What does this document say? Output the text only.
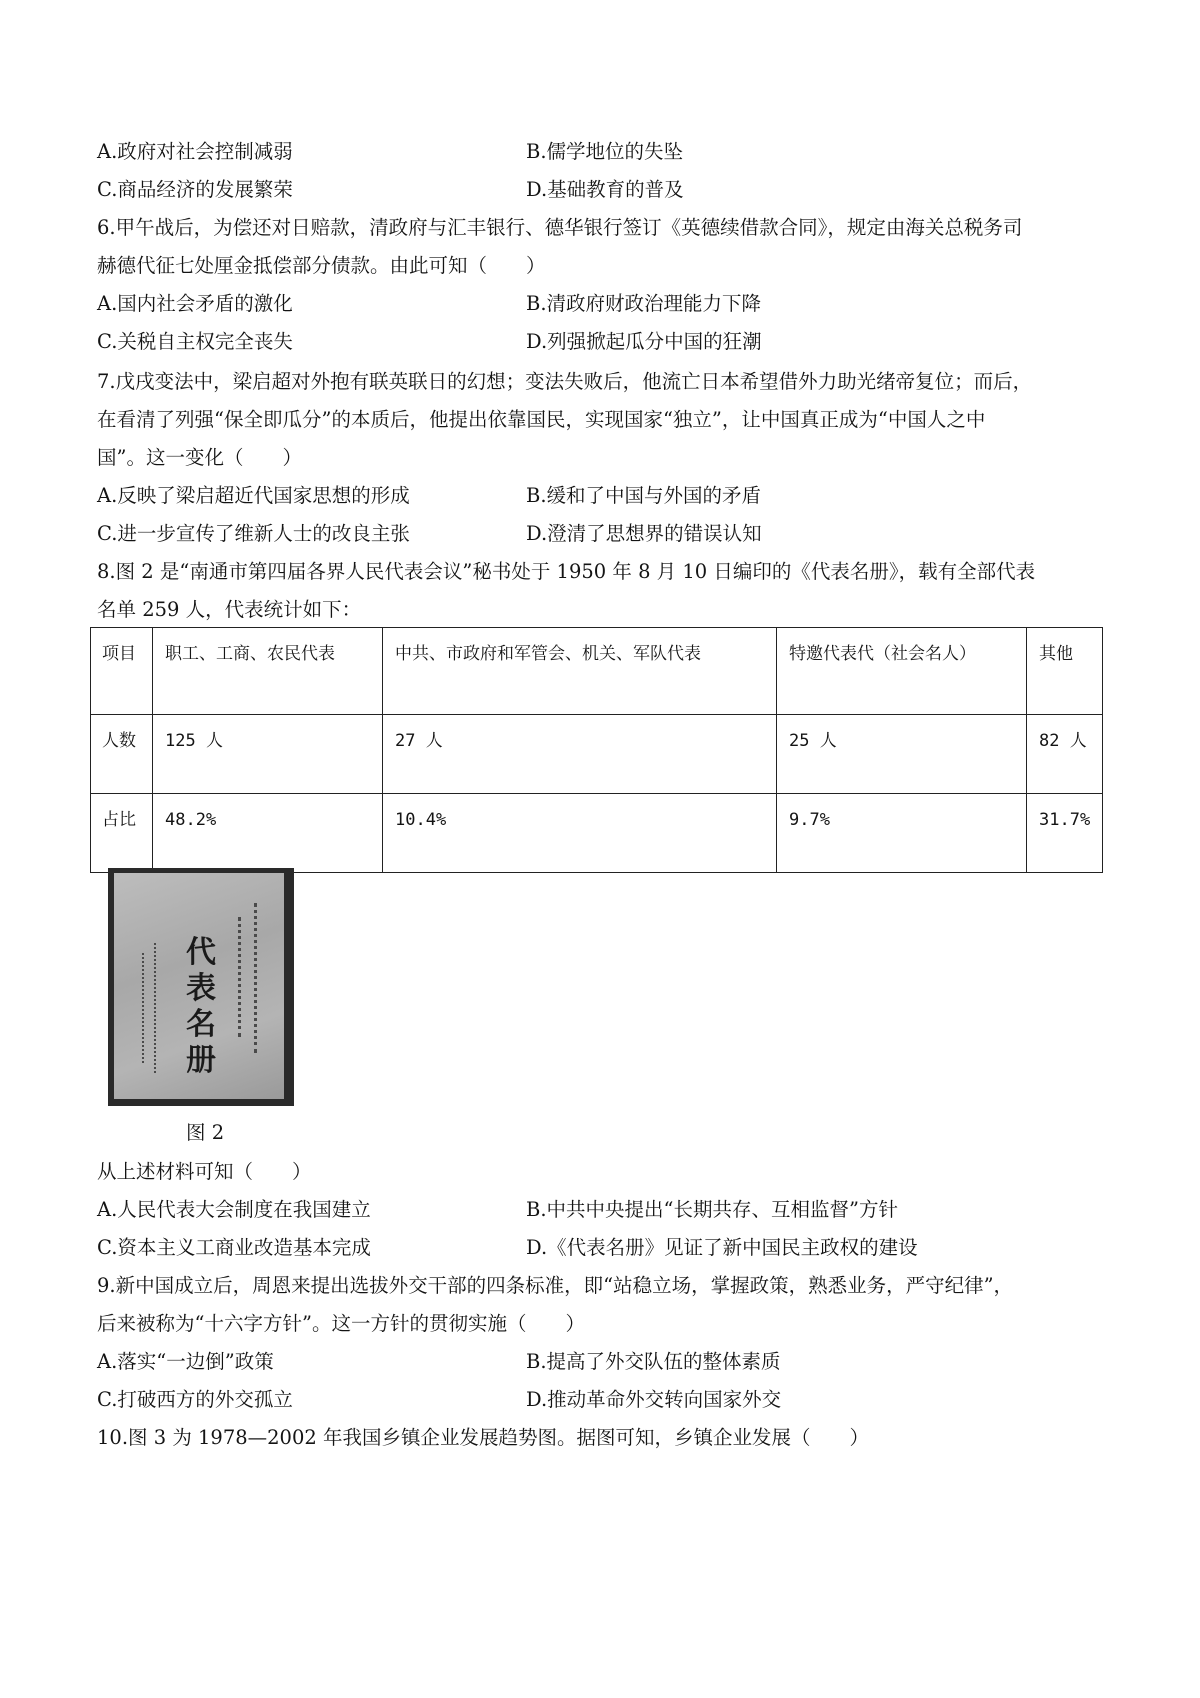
A.政府对社会控制减弱	B.儒学地位的失坠
C.商品经济的发展繁荣	D.基础教育的普及
6.甲午战后，为偿还对日赔款，清政府与汇丰银行、德华银行签订《英德续借款合同》，规定由海关总税务司
赫德代征七处厘金抵偿部分债款。由此可知（　　）
A.国内社会矛盾的激化	B.清政府财政治理能力下降
C.关税自主权完全丧失	D.列强掀起瓜分中国的狂潮
7.戊戌变法中，梁启超对外抱有联英联日的幻想；变法失败后，他流亡日本希望借外力助光绪帝复位；而后，
在看清了列强“保全即瓜分”的本质后，他提出依靠国民，实现国家“独立”，让中国真正成为“中国人之中
国”。这一变化（　　）
A.反映了梁启超近代国家思想的形成	B.缓和了中国与外国的矛盾
C.进一步宣传了维新人士的改良主张	D.澄清了思想界的错误认知
8.图 2 是“南通市第四届各界人民代表会议”秘书处于 1950 年 8 月 10 日编印的《代表名册》，载有全部代表
名单 259 人，代表统计如下：
项目	职工、工商、农民代表	中共、市政府和军管会、机关、军队代表	特邀代表代（社会名人）	其他
人数	125 人	27 人	25 人	82 人
占比	48.2%	10.4%	9.7%	31.7%
代
表
名
册
图 2
从上述材料可知（　　）
A.人民代表大会制度在我国建立	B.中共中央提出“长期共存、互相监督”方针
C.资本主义工商业改造基本完成	D.《代表名册》见证了新中国民主政权的建设
9.新中国成立后，周恩来提出选拔外交干部的四条标准，即“站稳立场，掌握政策，熟悉业务，严守纪律”，
后来被称为“十六字方针”。这一方针的贯彻实施（　　）
A.落实“一边倒”政策	B.提高了外交队伍的整体素质
C.打破西方的外交孤立	D.推动革命外交转向国家外交
10.图 3 为 1978—2002 年我国乡镇企业发展趋势图。据图可知，乡镇企业发展（　　）
